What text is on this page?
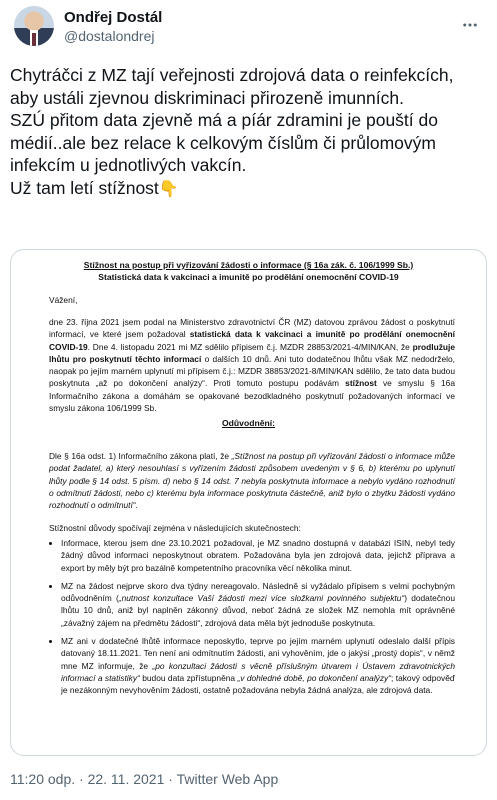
Ondřej Dostál
@dostalondrej

Chytráčci z MZ tají veřejnosti zdrojová data o reinfekcích, aby ustáli zjevnou diskriminaci přirozeně imunních.

SZÚ přitom data zjevně má a píár zdramini je pouští do médií..ale bez relace k celkovým číslům či průlomovým infekcím u jednotlivých vakcín.

Už tam letí stížnost👇

Stížnost na postup při vyřizování žádosti o informace (§ 16a zák. č. 106/1999 Sb.)
Statistická data k vakcinaci a imunitě po prodělání onemocnění COVID-19
Vážení,
dne 23. října 2021 jsem podal na Ministerstvo zdravotnictví ČR (MZ) datovou zprávou žádost o poskytnutí informací, ve které jsem požadoval statistická data k vakcinaci a imunitě po prodělání onemocnění COVID-19. Dne 4. listopadu 2021 mi MZ sdělilo přípisem č.j. MZDR 28853/2021-4/MIN/KAN, že prodlužuje lhůtu pro poskytnutí těchto informací o dalších 10 dnů. Ani tuto dodatečnou lhůtu však MZ nedodrželo, naopak po jejím marném uplynutí mi přípisem č.j.: MZDR 38853/2021-8/MIN/KAN sdělilo, že tato data budou poskytnuta „až po dokončení analýzy“. Proti tomuto postupu podávám stížnost ve smyslu § 16a Informačního zákona a domáhám se opakované bezodkladného poskytnutí požadovaných informací ve smyslu zákona 106/1999 Sb.
Odůvodnění:
Dle § 16a odst. 1) Informačního zákona platí, že „Stížnost na postup při vyřizování žádosti o informace může podat žadatel, a) který nesouhlasí s vyřízením žádosti způsobem uvedeným v § 6, b) kterému po uplynutí lhůty podle § 14 odst. 5 písm. d) nebo § 14 odst. 7 nebyla poskytnuta informace a nebylo vydáno rozhodnutí o odmítnutí žádosti, nebo c) kterému byla informace poskytnuta částečně, aniž bylo o zbytku žádosti vydáno rozhodnutí o odmítnutí“.
Stížnostní důvody spočívají zejména v následujících skutečnostech:
• Informace, kterou jsem dne 23.10.2021 požadoval, je MZ snadno dostupná v databázi ISIN, nebyl tedy žádný důvod informaci neposkytnout obratem. Požadována byla jen zdrojová data, jejichž příprava a export by měly být pro bazálně kompetentního pracovníka věcí několika minut.
• MZ na žádost nejprve skoro dva týdny nereagovalo. Následně si vyžádalo přípisem s velmi pochybným odůvodněním („nutnost konzultace Vaší žádosti mezi více složkami povinného subjektu“) dodatečnou lhůtu 10 dnů, aniž byl naplněn zákonný důvod, neboť žádná ze složek MZ nemohla mít oprávněné „závažný zájem na předmětu žádosti“, zdrojová data měla být jednoduše poskytnuta.
• MZ ani v dodatečné lhůtě informace neposkytlo, teprve po jejím marném uplynutí odeslalo další přípis datovaný 18.11.2021. Ten není ani odmítnutím žádosti, ani vyhověním, jde o jakýsi „prostý dopis“, v němž mne MZ informuje, že „po konzultaci žádosti s věcně příslušným útvarem i Ústavem zdravotnických informací a statistiky“ budou data zpřístupněna „v dohledné době, po dokončení analýzy“; takový odpověď je nezákonným nevyhověním žádosti, ostatně požadována nebyla žádná analýza, ale zdrojová data.
11:20 odp. · 22. 11. 2021 · Twitter Web App
